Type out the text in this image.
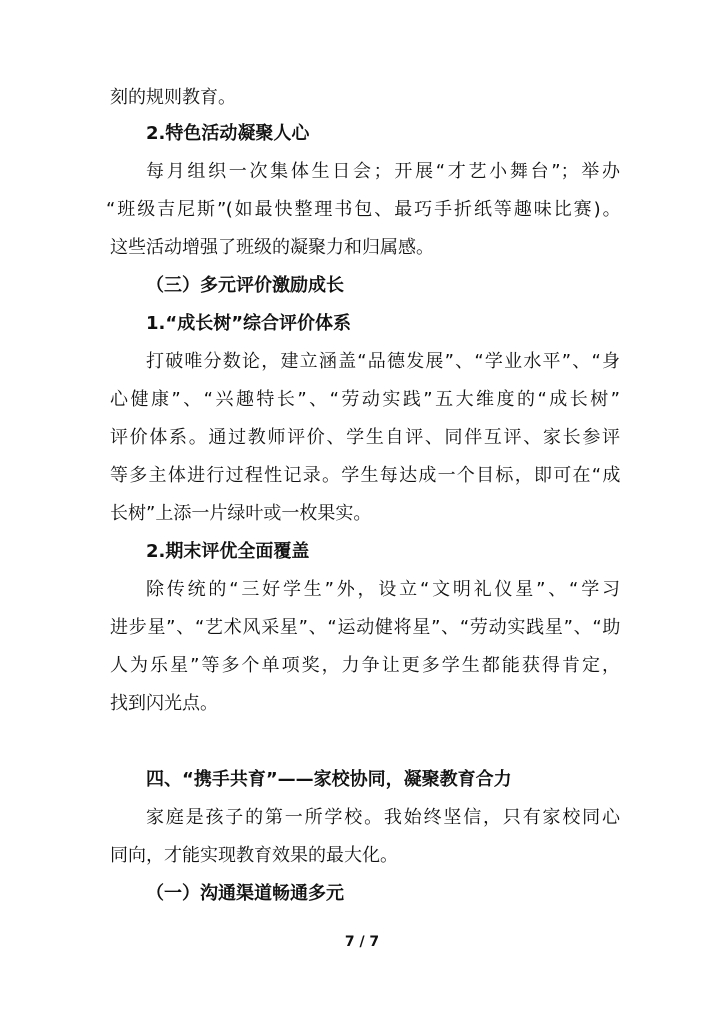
刻的规则教育。
2.特色活动凝聚人心
每月组织一次集体生日会；开展“才艺小舞台”；举办
“班级吉尼斯”(如最快整理书包、最巧手折纸等趣味比赛)。
这些活动增强了班级的凝聚力和归属感。
（三）多元评价激励成长
1.“成长树”综合评价体系
打破唯分数论，建立涵盖“品德发展”、“学业水平”、“身
心健康”、“兴趣特长”、“劳动实践”五大维度的“成长树”
评价体系。通过教师评价、学生自评、同伴互评、家长参评
等多主体进行过程性记录。学生每达成一个目标，即可在“成
长树”上添一片绿叶或一枚果实。
2.期末评优全面覆盖
除传统的“三好学生”外，设立“文明礼仪星”、“学习
进步星”、“艺术风采星”、“运动健将星”、“劳动实践星”、“助
人为乐星”等多个单项奖，力争让更多学生都能获得肯定，
找到闪光点。
四、“携手共育”——家校协同，凝聚教育合力
家庭是孩子的第一所学校。我始终坚信，只有家校同心
同向，才能实现教育效果的最大化。
（一）沟通渠道畅通多元
7 / 7
